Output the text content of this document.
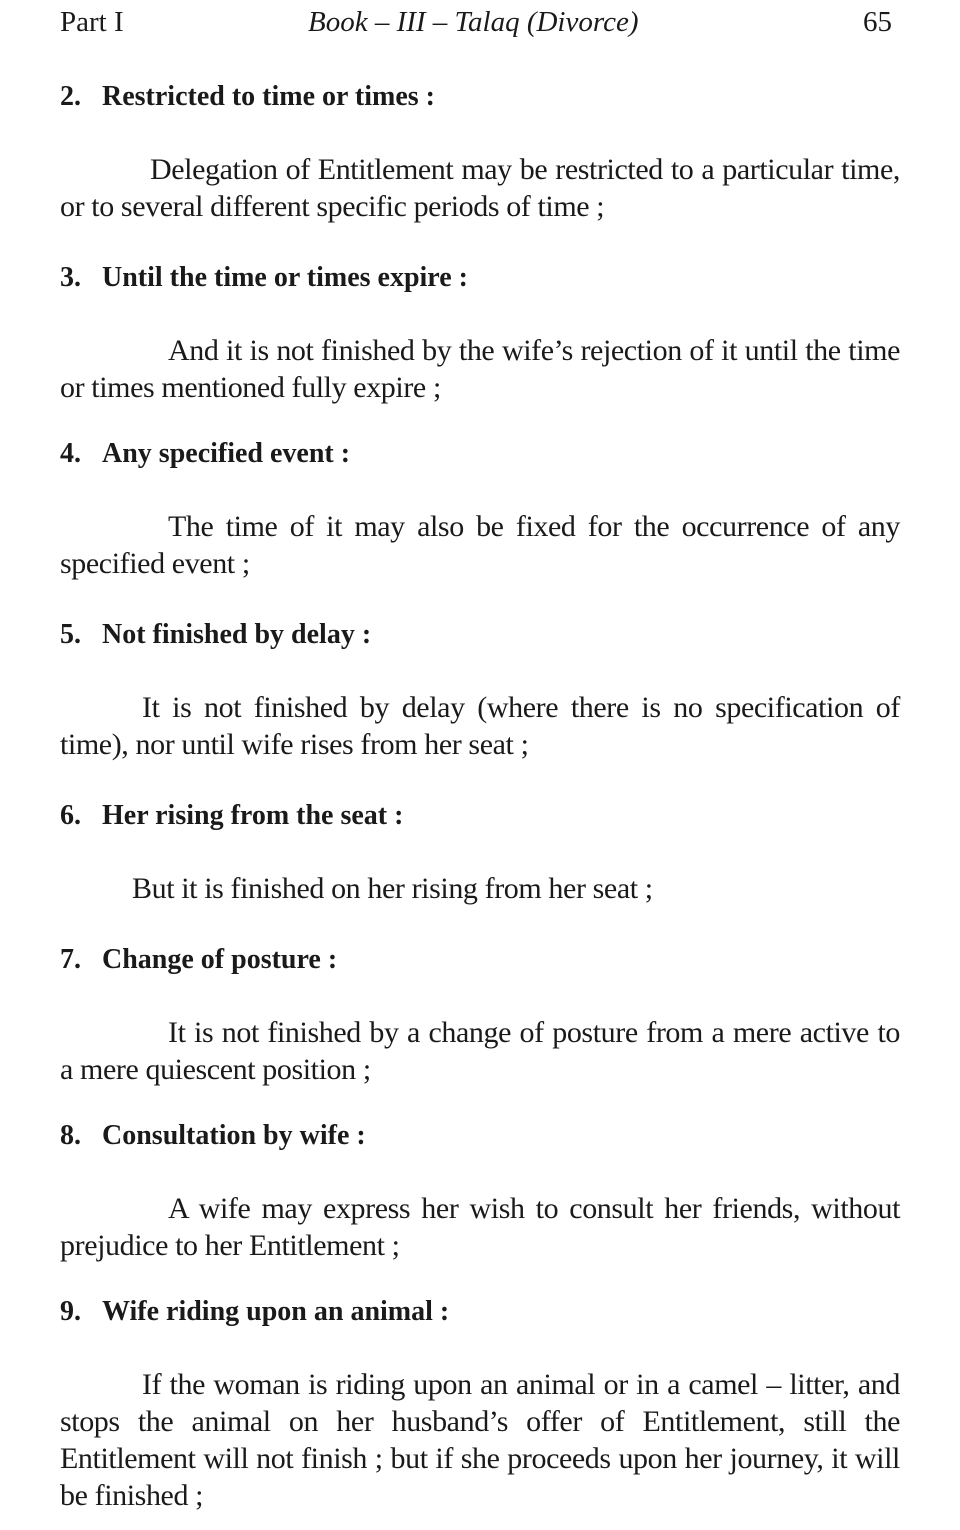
Part I	Book – III – Talaq (Divorce)	65
2. Restricted to time or times :

Delegation of Entitlement may be restricted to a particular time, or to several different specific periods of time ;

3. Until the time or times expire :

And it is not finished by the wife’s rejection of it until the time or times mentioned fully expire ;

4. Any specified event :

The time of it may also be fixed for the occurrence of any specified event ;

5. Not finished by delay :

It is not finished by delay (where there is no specification of time), nor until wife rises from her seat ;

6. Her rising from the seat :

But it is finished on her rising from her seat ;

7. Change of posture :

It is not finished by a change of posture from a mere active to a mere quiescent position ;

8. Consultation by wife :

A wife may express her wish to consult her friends, without prejudice to her Entitlement ;

9. Wife riding upon an animal :

If the woman is riding upon an animal or in a camel – litter, and stops the animal on her husband’s offer of Entitlement, still the Entitlement will not finish ; but if she proceeds upon her journey, it will be finished ;
